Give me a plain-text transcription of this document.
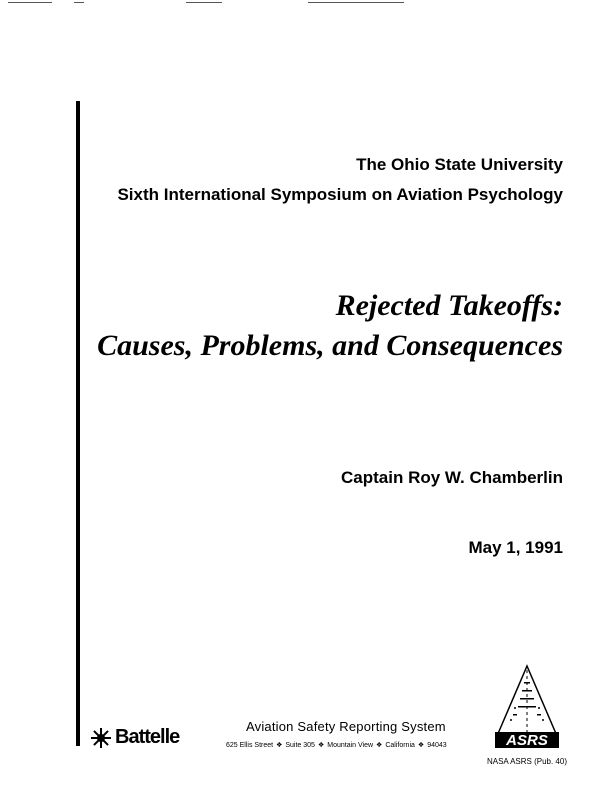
The Ohio State University
Sixth International Symposium on Aviation Psychology
Rejected Takeoffs:
Causes, Problems, and Consequences
Captain Roy W. Chamberlin
May 1, 1991
Battelle	Aviation Safety Reporting System
625 Ellis Street ❖ Suite 305 ❖ Mountain View ❖ California ❖ 94043	ASRS
NASA ASRS (Pub. 40)
